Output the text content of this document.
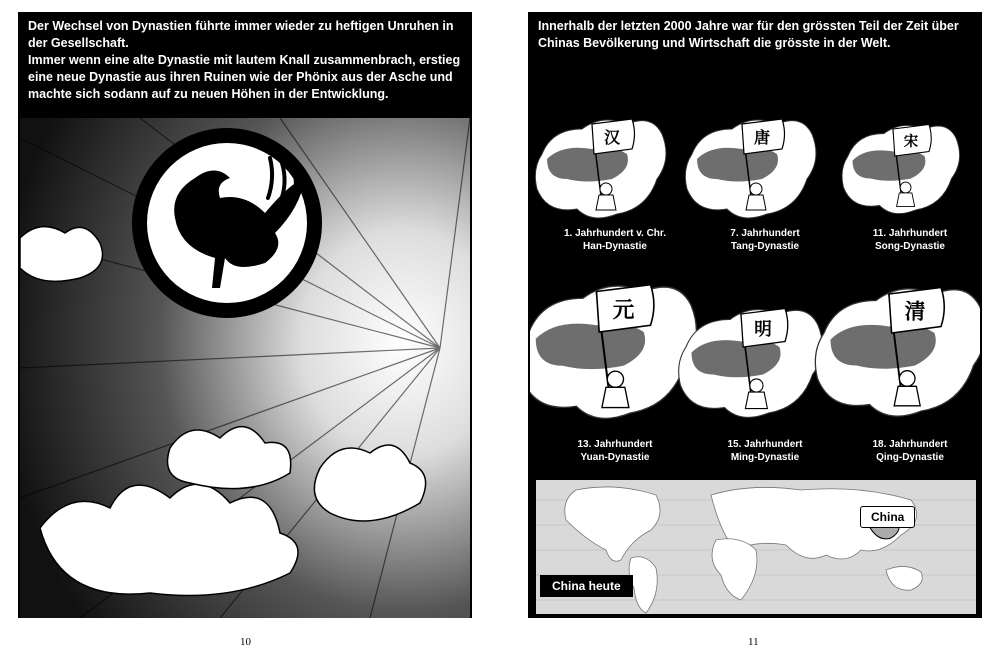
Der Wechsel von Dynastien führte immer wieder zu heftigen Unruhen in der Gesellschaft.

Immer wenn eine alte Dynastie mit lautem Knall zusammenbrach, erstieg eine neue Dynastie aus ihren Ruinen wie der Phönix aus der Asche und machte sich sodann auf zu neuen Höhen in der Entwicklung.

10
Innerhalb der letzten 2000 Jahre war für den grössten Teil der Zeit über Chinas Bevölkerung und Wirtschaft die grösste in der Welt.
汉	唐	宋
元
明
清
1. Jahrhundert v. Chr.
Han-Dynastie
7. Jahrhundert
Tang-Dynastie
11. Jahrhundert
Song-Dynastie
13. Jahrhundert
Yuan-Dynastie
15. Jahrhundert
Ming-Dynastie
18. Jahrhundert
Qing-Dynastie
China heute
China
11
